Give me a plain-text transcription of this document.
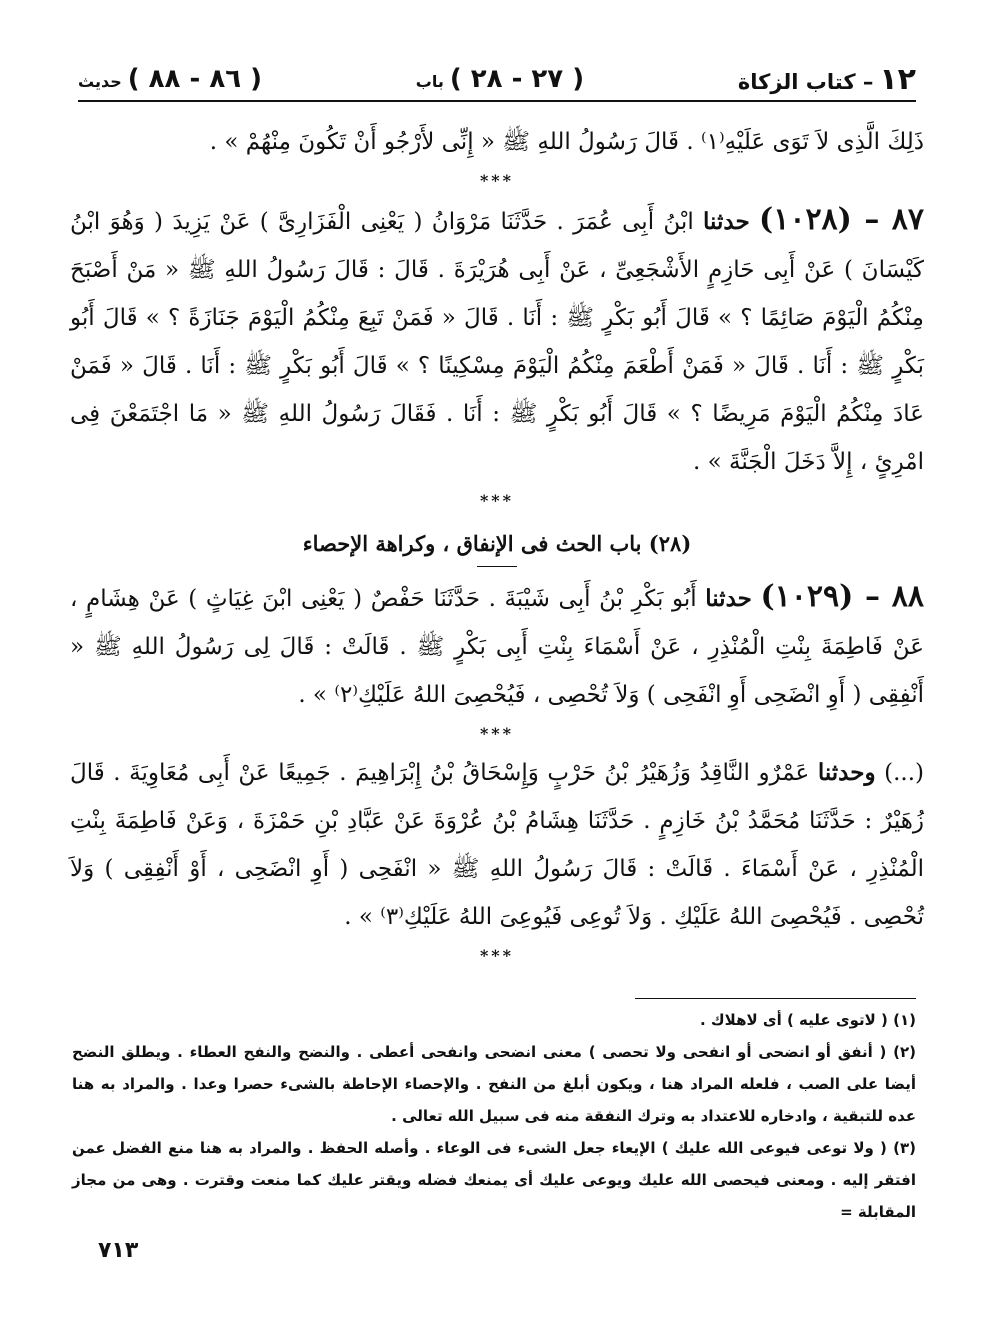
١٢
– كتاب الزكاة
( ٢٧ - ٢٨ )
باب
( ٨٦ - ٨٨ )
حديث

ذَلِكَ الَّذِى لاَ تَوَى عَلَيْهِ⁽١⁾ . قَالَ رَسُولُ اللهِ ﷺ « إِنِّى لأَرْجُو أَنْ تَكُونَ مِنْهُمْ » .

***

٨٧ – (١٠٢٨) حدثنا ابْنُ أَبِى عُمَرَ . حَدَّثَنَا مَرْوَانُ ( يَعْنِى الْفَزَارِىَّ ) عَنْ يَزِيدَ ( وَهُوَ ابْنُ كَيْسَانَ ) عَنْ أَبِى حَازِمٍ الأَشْجَعِىِّ ، عَنْ أَبِى هُرَيْرَةَ . قَالَ : قَالَ رَسُولُ اللهِ ﷺ « مَنْ أَصْبَحَ مِنْكُمُ الْيَوْمَ صَائِمًا ؟ » قَالَ أَبُو بَكْرٍ ﷺ : أَنَا . قَالَ « فَمَنْ تَبِعَ مِنْكُمُ الْيَوْمَ جَنَازَةً ؟ » قَالَ أَبُو بَكْرٍ ﷺ : أَنَا . قَالَ « فَمَنْ أَطْعَمَ مِنْكُمُ الْيَوْمَ مِسْكِينًا ؟ » قَالَ أَبُو بَكْرٍ ﷺ : أَنَا . قَالَ « فَمَنْ عَادَ مِنْكُمُ الْيَوْمَ مَرِيضًا ؟ » قَالَ أَبُو بَكْرٍ ﷺ : أَنَا . فَقَالَ رَسُولُ اللهِ ﷺ « مَا اجْتَمَعْنَ فِى امْرِئٍ ، إِلاَّ دَخَلَ الْجَنَّةَ » .

***

(٢٨) باب الحث فى الإنفاق ، وكراهة الإحصاء

٨٨ – (١٠٢٩) حدثنا أَبُو بَكْرِ بْنُ أَبِى شَيْبَةَ . حَدَّثَنَا حَفْصٌ ( يَعْنِى ابْنَ غِيَاثٍ ) عَنْ هِشَامٍ ، عَنْ فَاطِمَةَ بِنْتِ الْمُنْذِرِ ، عَنْ أَسْمَاءَ بِنْتِ أَبِى بَكْرٍ ﷺ . قَالَتْ : قَالَ لِى رَسُولُ اللهِ ﷺ « أَنْفِقِى ( أَوِ انْضَحِى أَوِ انْفَحِى ) وَلاَ تُحْصِى ، فَيُحْصِىَ اللهُ عَلَيْكِ⁽٢⁾ » .

***

(...) وحدثنا عَمْرٌو النَّاقِدُ وَزُهَيْرُ بْنُ حَرْبٍ وَإِسْحَاقُ بْنُ إِبْرَاهِيمَ . جَمِيعًا عَنْ أَبِى مُعَاوِيَةَ . قَالَ زُهَيْرٌ : حَدَّثَنَا مُحَمَّدُ بْنُ خَازِمٍ . حَدَّثَنَا هِشَامُ بْنُ عُرْوَةَ عَنْ عَبَّادِ بْنِ حَمْزَةَ ، وَعَنْ فَاطِمَةَ بِنْتِ الْمُنْذِرِ ، عَنْ أَسْمَاءَ . قَالَتْ : قَالَ رَسُولُ اللهِ ﷺ « انْفَحِى ( أَوِ انْضَحِى ، أَوْ أَنْفِقِى ) وَلاَ تُحْصِى . فَيُحْصِىَ اللهُ عَلَيْكِ . وَلاَ تُوعِى فَيُوعِىَ اللهُ عَلَيْكِ⁽٣⁾ » .

***

(١) ( لاتوى عليه ) أى لاهلاك .

(٢) ( أنفق أو انضحى أو انفحى ولا تحصى ) معنى انضحى وانفحى أعطى . والنضح والنفح العطاء . ويطلق النضح أيضا على الصب ، فلعله المراد هنا ، ويكون أبلغ من النفح . والإحصاء الإحاطة بالشىء حصرا وعدا . والمراد به هنا عده للتبقية ، وادخاره للاعتداد به وترك النفقة منه فى سبيل الله تعالى .

(٣) ( ولا توعى فيوعى الله عليك ) الإيعاء جعل الشىء فى الوعاء . وأصله الحفظ . والمراد به هنا منع الفضل عمن افتقر إليه . ومعنى فيحصى الله عليك ويوعى عليك أى يمنعك فضله ويقتر عليك كما منعت وقترت . وهى من مجاز المقابلة =

٧١٣
